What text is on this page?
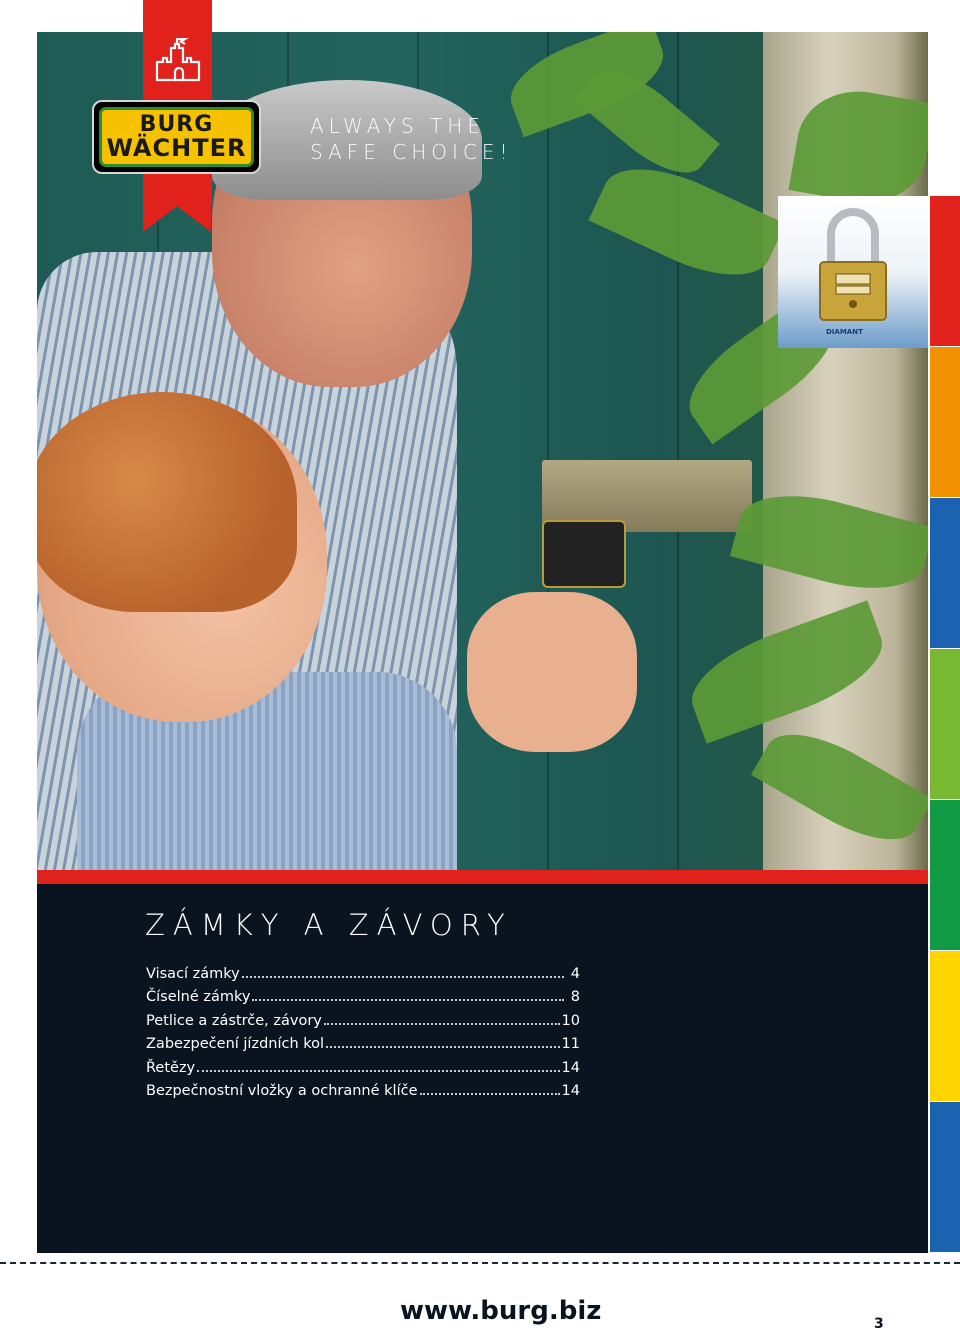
BURG
WÄCHTER
ALWAYS THE
SAFE CHOICE!
DIAMANT
ZÁMKY A ZÁVORY
Visací zámky	4
Číselné zámky	8
Petlice a zástrče, závory	10
Zabezpečení jízdních kol	11
Řetězy	14
Bezpečnostní vložky a ochranné klíče	14
www.burg.biz	3
